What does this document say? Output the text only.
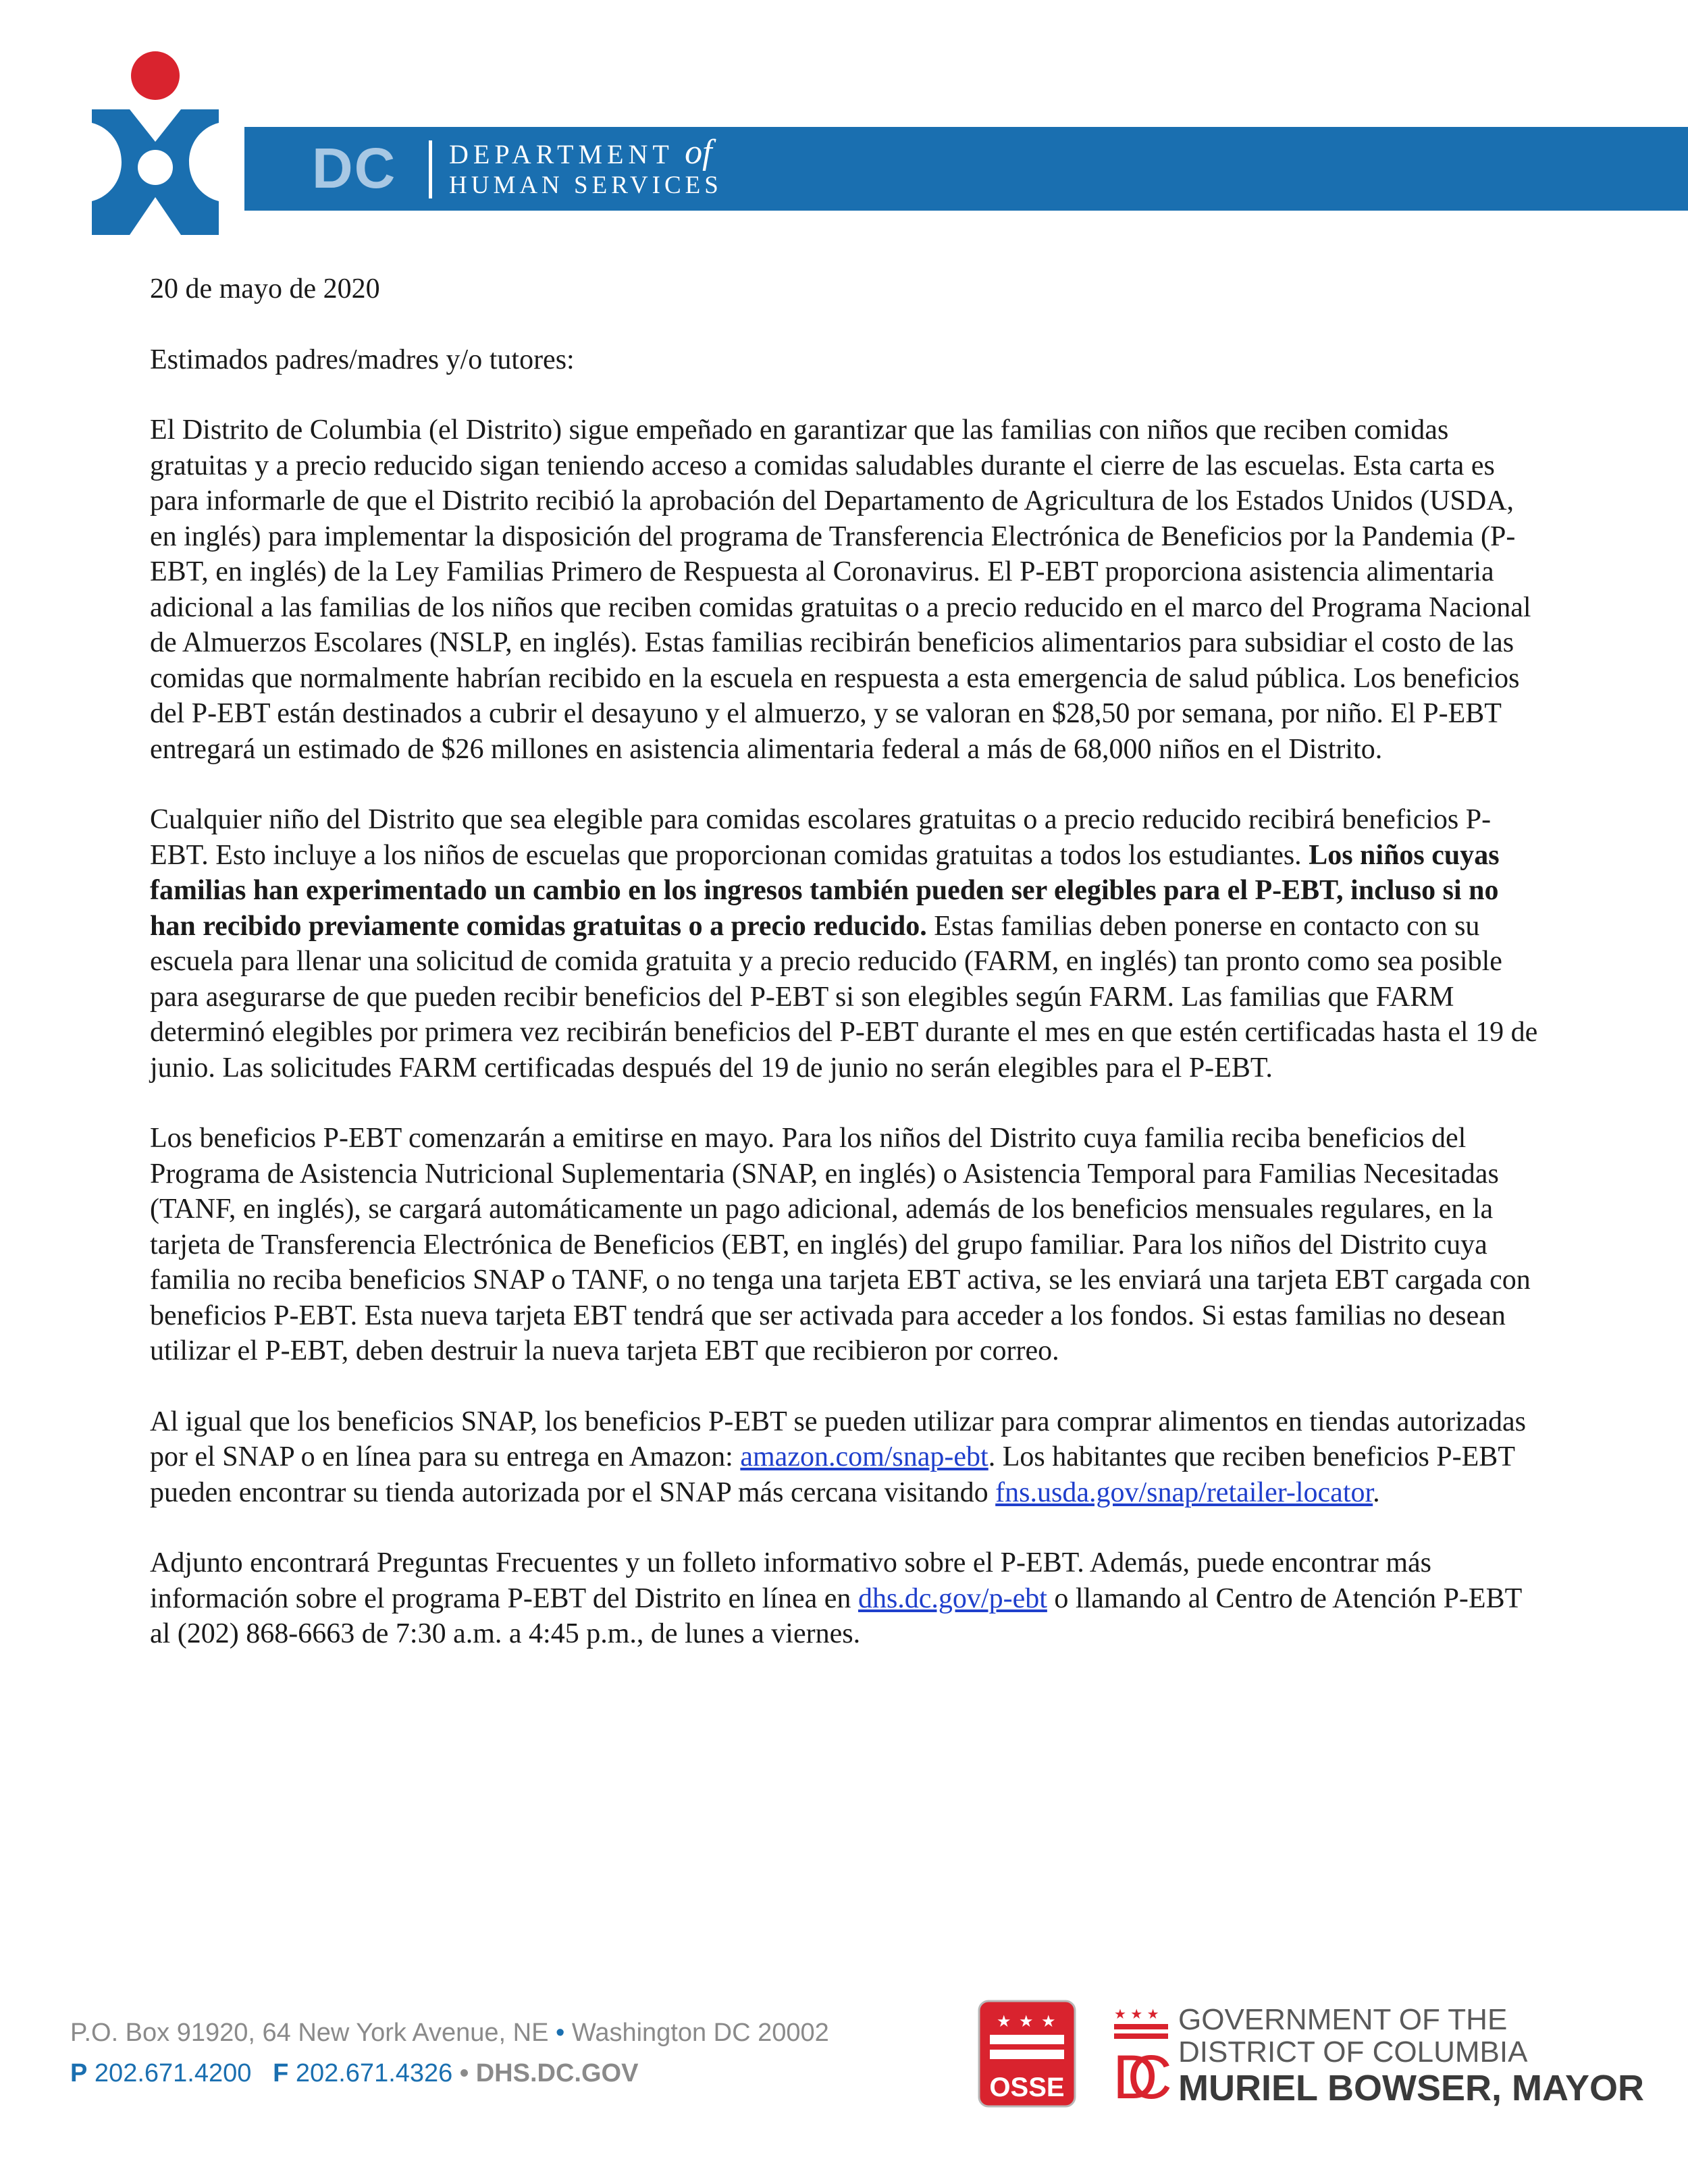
DC DEPARTMENT of
HUMAN SERVICES

20 de mayo de 2020

Estimados padres/madres y/o tutores:

El Distrito de Columbia (el Distrito) sigue empeñado en garantizar que las familias con niños que reciben comidas gratuitas y a precio reducido sigan teniendo acceso a comidas saludables durante el cierre de las escuelas. Esta carta es para informarle de que el Distrito recibió la aprobación del Departamento de Agricultura de los Estados Unidos (USDA, en inglés) para implementar la disposición del programa de Transferencia Electrónica de Beneficios por la Pandemia (P-EBT, en inglés) de la Ley Familias Primero de Respuesta al Coronavirus. El P-EBT proporciona asistencia alimentaria adicional a las familias de los niños que reciben comidas gratuitas o a precio reducido en el marco del Programa Nacional de Almuerzos Escolares (NSLP, en inglés). Estas familias recibirán beneficios alimentarios para subsidiar el costo de las comidas que normalmente habrían recibido en la escuela en respuesta a esta emergencia de salud pública. Los beneficios del P-EBT están destinados a cubrir el desayuno y el almuerzo, y se valoran en $28,50 por semana, por niño. El P-EBT entregará un estimado de $26 millones en asistencia alimentaria federal a más de 68,000 niños en el Distrito.

Cualquier niño del Distrito que sea elegible para comidas escolares gratuitas o a precio reducido recibirá beneficios P-EBT. Esto incluye a los niños de escuelas que proporcionan comidas gratuitas a todos los estudiantes. Los niños cuyas familias han experimentado un cambio en los ingresos también pueden ser elegibles para el P-EBT, incluso si no han recibido previamente comidas gratuitas o a precio reducido. Estas familias deben ponerse en contacto con su escuela para llenar una solicitud de comida gratuita y a precio reducido (FARM, en inglés) tan pronto como sea posible para asegurarse de que pueden recibir beneficios del P-EBT si son elegibles según FARM. Las familias que FARM determinó elegibles por primera vez recibirán beneficios del P-EBT durante el mes en que estén certificadas hasta el 19 de junio. Las solicitudes FARM certificadas después del 19 de junio no serán elegibles para el P-EBT.

Los beneficios P-EBT comenzarán a emitirse en mayo. Para los niños del Distrito cuya familia reciba beneficios del Programa de Asistencia Nutricional Suplementaria (SNAP, en inglés) o Asistencia Temporal para Familias Necesitadas (TANF, en inglés), se cargará automáticamente un pago adicional, además de los beneficios mensuales regulares, en la tarjeta de Transferencia Electrónica de Beneficios (EBT, en inglés) del grupo familiar. Para los niños del Distrito cuya familia no reciba beneficios SNAP o TANF, o no tenga una tarjeta EBT activa, se les enviará una tarjeta EBT cargada con beneficios P-EBT. Esta nueva tarjeta EBT tendrá que ser activada para acceder a los fondos. Si estas familias no desean utilizar el P-EBT, deben destruir la nueva tarjeta EBT que recibieron por correo.

Al igual que los beneficios SNAP, los beneficios P-EBT se pueden utilizar para comprar alimentos en tiendas autorizadas por el SNAP o en línea para su entrega en Amazon: amazon.com/snap-ebt. Los habitantes que reciben beneficios P-EBT pueden encontrar su tienda autorizada por el SNAP más cercana visitando fns.usda.gov/snap/retailer-locator.

Adjunto encontrará Preguntas Frecuentes y un folleto informativo sobre el P-EBT. Además, puede encontrar más información sobre el programa P-EBT del Distrito en línea en dhs.dc.gov/p-ebt o llamando al Centro de Atención P-EBT al (202) 868-6663 de 7:30 a.m. a 4:45 p.m., de lunes a viernes.

P.O. Box 91920, 64 New York Avenue, NE • Washington DC 20002
P 202.671.4200 F 202.671.4326 • DHS.DC.GOV
★ ★ ★
OSSE
★ ★ ★
DC
GOVERNMENT OF THE
DISTRICT OF COLUMBIA
MURIEL BOWSER, MAYOR
